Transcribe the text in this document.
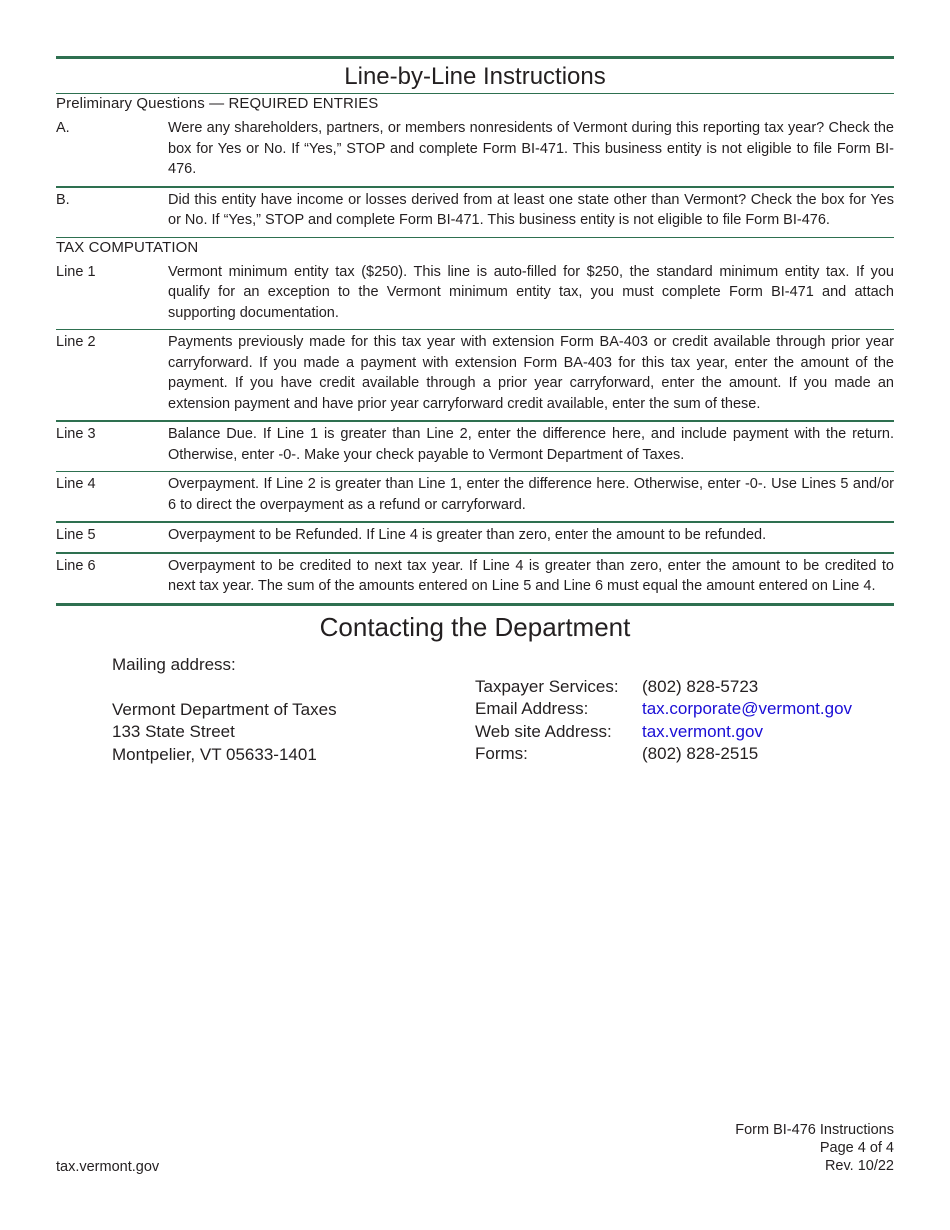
Line-by-Line Instructions
Preliminary Questions — REQUIRED ENTRIES
A.	Were any shareholders, partners, or members nonresidents of Vermont during this reporting tax year? Check the box for Yes or No. If “Yes,” STOP and complete Form BI-471. This business entity is not eligible to file Form BI-476.
B.	Did this entity have income or losses derived from at least one state other than Vermont? Check the box for Yes or No. If “Yes,” STOP and complete Form BI-471. This business entity is not eligible to file Form BI-476.
TAX COMPUTATION
Line 1	Vermont minimum entity tax ($250). This line is auto-filled for $250, the standard minimum entity tax. If you qualify for an exception to the Vermont minimum entity tax, you must complete Form BI-471 and attach supporting documentation.
Line 2	Payments previously made for this tax year with extension Form BA-403 or credit available through prior year carryforward. If you made a payment with extension Form BA-403 for this tax year, enter the amount of the payment. If you have credit available through a prior year carryforward, enter the amount. If you made an extension payment and have prior year carryforward credit available, enter the sum of these.
Line 3	Balance Due. If Line 1 is greater than Line 2, enter the difference here, and include payment with the return. Otherwise, enter -0-. Make your check payable to Vermont Department of Taxes.
Line 4	Overpayment. If Line 2 is greater than Line 1, enter the difference here. Otherwise, enter -0-. Use Lines 5 and/or 6 to direct the overpayment as a refund or carryforward.
Line 5	Overpayment to be Refunded. If Line 4 is greater than zero, enter the amount to be refunded.
Line 6	Overpayment to be credited to next tax year. If Line 4 is greater than zero, enter the amount to be credited to next tax year. The sum of the amounts entered on Line 5 and Line 6 must equal the amount entered on Line 4.
Contacting the Department
Mailing address:
Vermont Department of Taxes
133 State Street
Montpelier, VT 05633-1401
Taxpayer Services:	(802) 828-5723
Email Address:	tax.corporate@vermont.gov
Web site Address:	tax.vermont.gov
Forms:	(802) 828-2515
tax.vermont.gov
Form BI-476 Instructions
Page 4 of 4
Rev. 10/22
